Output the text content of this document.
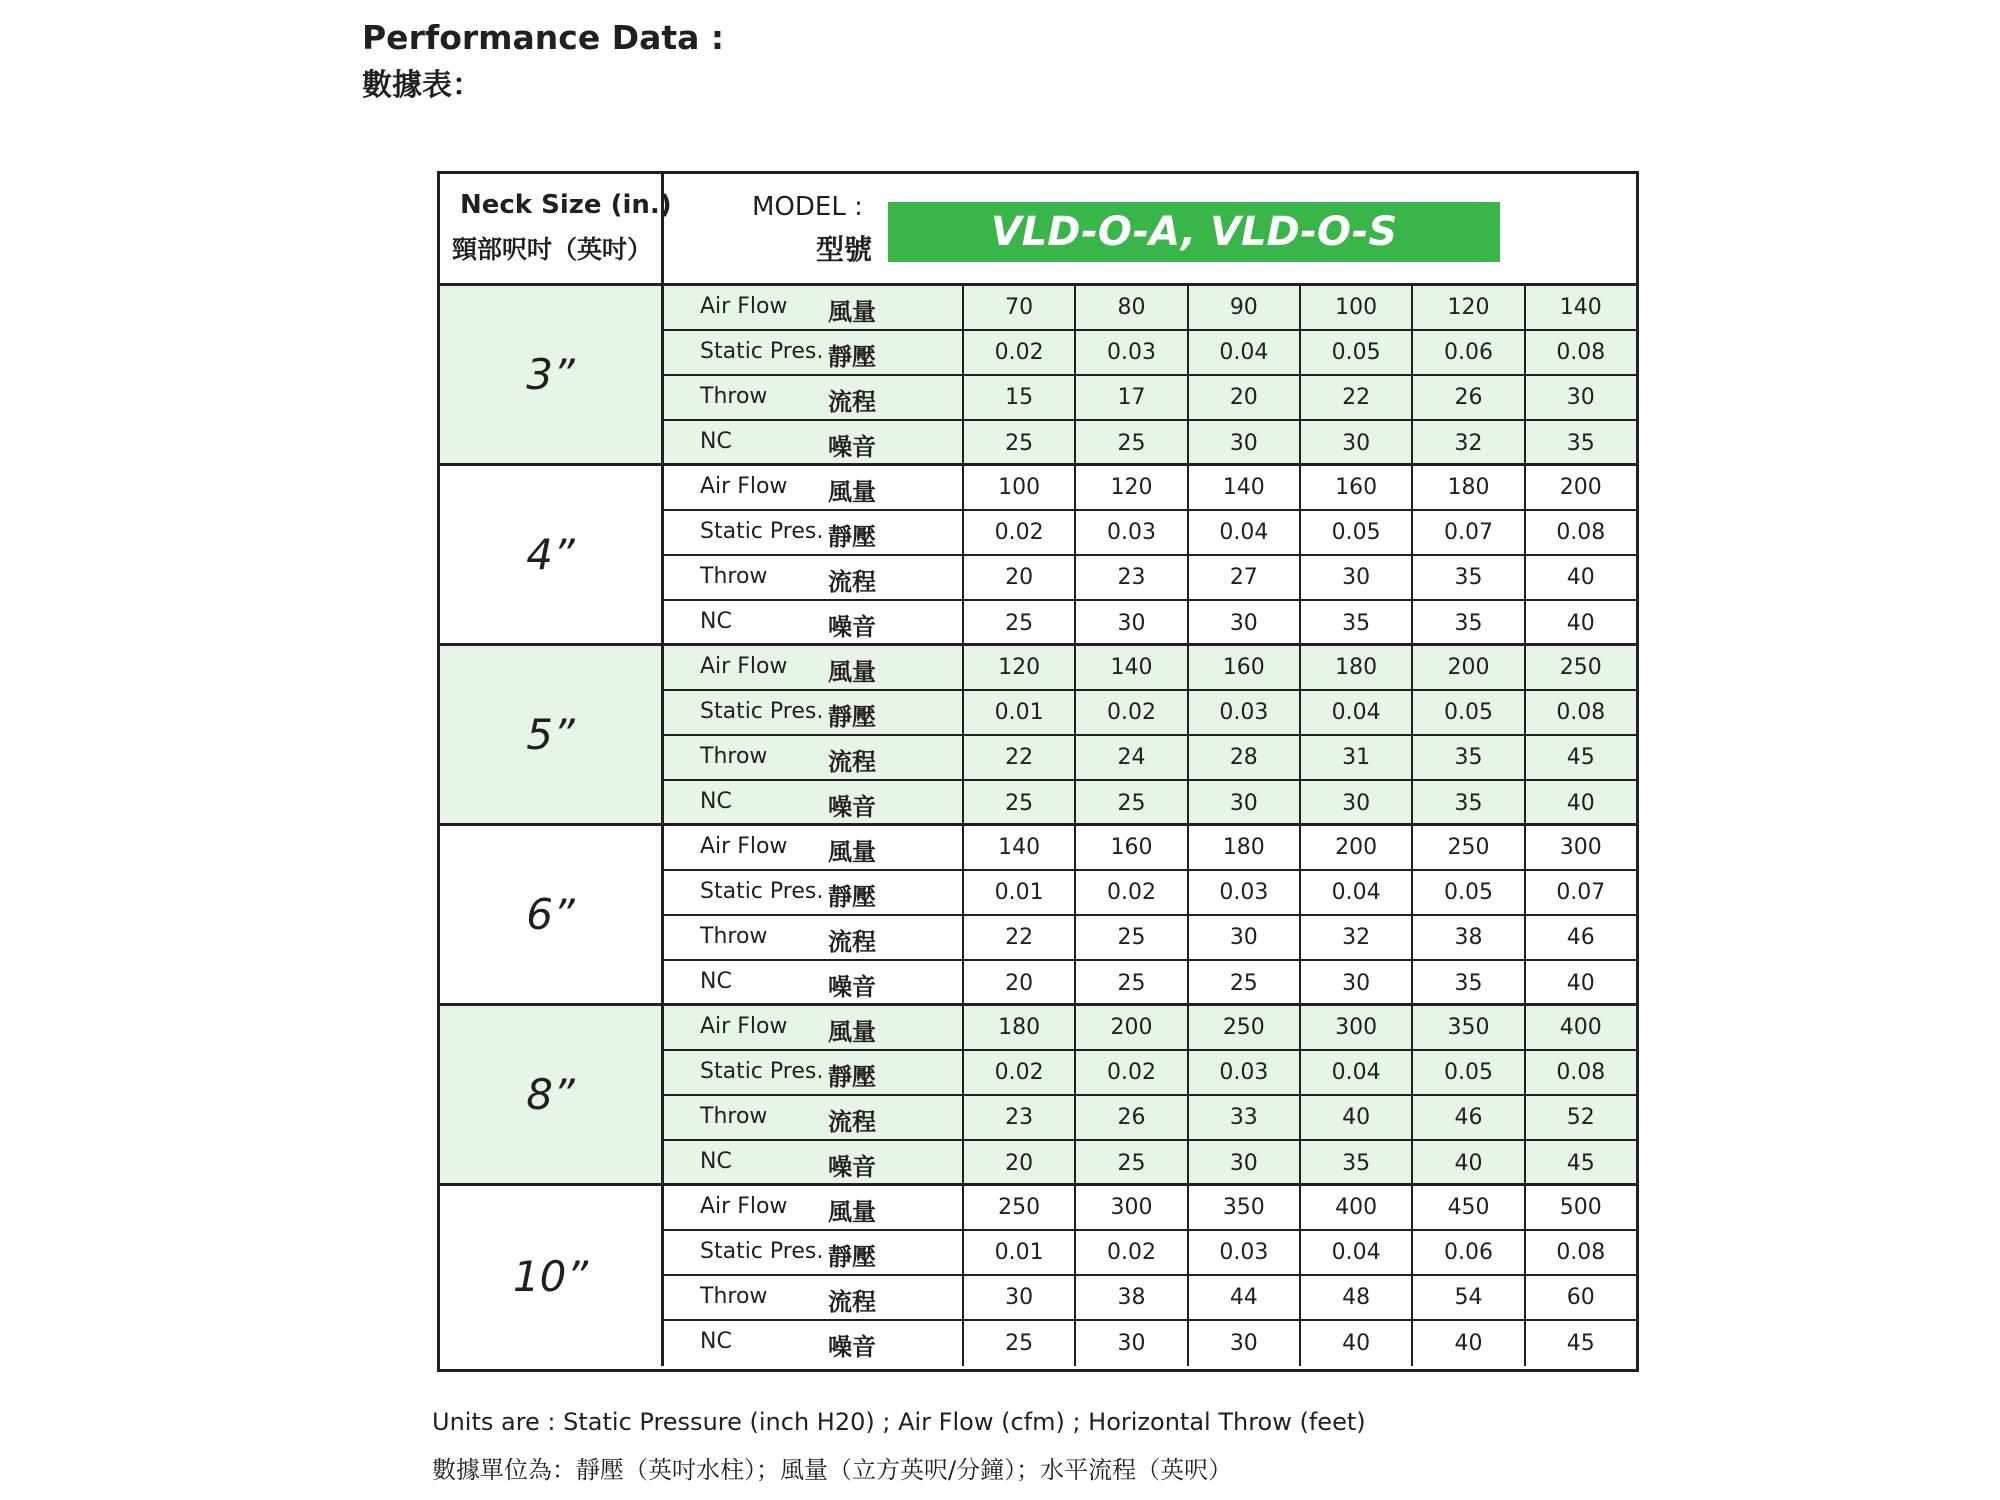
Performance Data :
數據表：
Neck Size (in.)
頸部呎吋（英吋）
MODEL :
型號	VLD-O-A, VLD-O-S
3”
Air Flow 風量	70	80	90	100	120	140
Static Pres. 靜壓	0.02	0.03	0.04	0.05	0.06	0.08
Throw	流程	15	17	20	22	26	30
NC	噪音	25	25	30	30	32	35
4”
Air Flow 風量	100	120	140	160	180	200
Static Pres. 靜壓	0.02	0.03	0.04	0.05	0.07	0.08
Throw	流程	20	23	27	30	35	40
NC	噪音	25	30	30	35	35	40
5”
Air Flow 風量	120	140	160	180	200	250
Static Pres. 靜壓	0.01	0.02	0.03	0.04	0.05	0.08
Throw	流程	22	24	28	31	35	45
NC	噪音	25	25	30	30	35	40
6”
Air Flow 風量	140	160	180	200	250	300
Static Pres. 靜壓	0.01	0.02	0.03	0.04	0.05	0.07
Throw	流程	22	25	30	32	38	46
NC	噪音	20	25	25	30	35	40
8”
Air Flow 風量	180	200	250	300	350	400
Static Pres. 靜壓	0.02	0.02	0.03	0.04	0.05	0.08
Throw	流程	23	26	33	40	46	52
NC	噪音	20	25	30	35	40	45
10”
Air Flow 風量	250	300	350	400	450	500
Static Pres. 靜壓	0.01	0.02	0.03	0.04	0.06	0.08
Throw	流程	30	38	44	48	54	60
NC	噪音	25	30	30	40	40	45
Units are : Static Pressure (inch H20) ; Air Flow (cfm) ; Horizontal Throw (feet)
數據單位為：靜壓（英吋水柱）；風量（立方英呎/分鐘）；水平流程（英呎）
